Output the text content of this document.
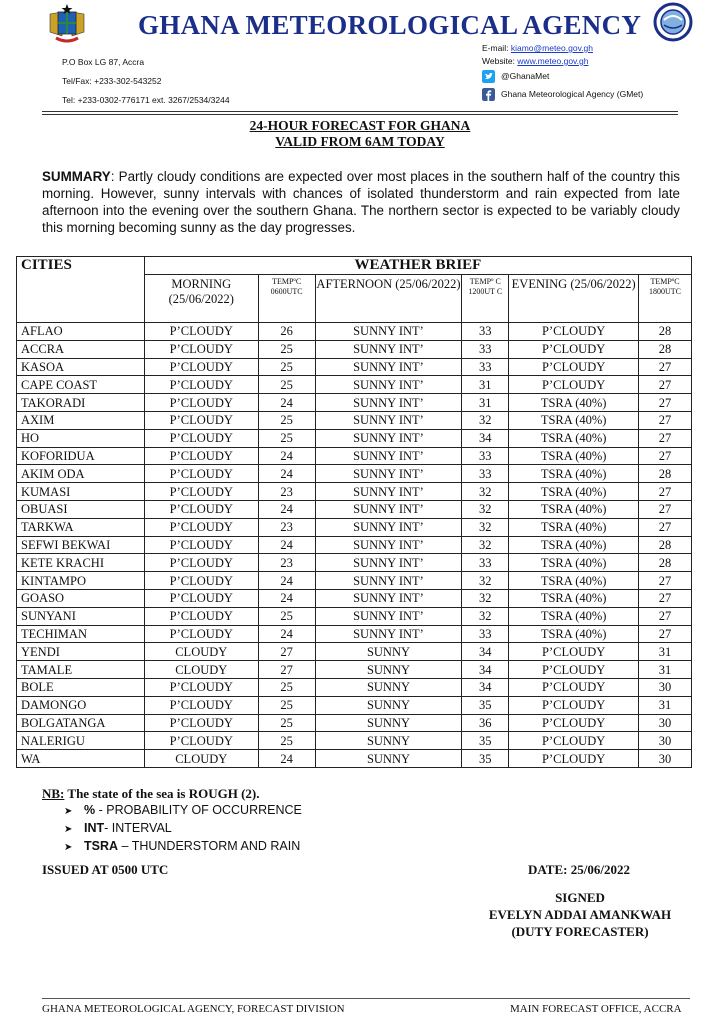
GHANA METEOROLOGICAL AGENCY
P.O Box LG 87, Accra
Tel/Fax: +233-302-543252
Tel: +233-0302-776171 ext. 3267/2534/3244
E-mail: kiamo@meteo.gov.gh
Website: www.meteo.gov.gh
@GhanaMet
Ghana Meteorological Agency (GMet)
24-HOUR FORECAST FOR GHANA
VALID FROM 6AM TODAY
SUMMARY: Partly cloudy conditions are expected over most places in the southern half of the country this morning. However, sunny intervals with chances of isolated thunderstorm and rain expected from late afternoon into the evening over the southern Ghana. The northern sector is expected to be variably cloudy this morning becoming sunny as the day progresses.
CITIES	WEATHER BRIEF					
	MORNING (25/06/2022)	TEMPºC 0600UTC	AFTERNOON (25/06/2022)	TEMPº C 1200UT C	EVENING (25/06/2022)	TEMPºC 1800UTC
AFLAO	P’CLOUDY	26	SUNNY INT’	33	P’CLOUDY	28
ACCRA	P’CLOUDY	25	SUNNY INT’	33	P’CLOUDY	28
KASOA	P’CLOUDY	25	SUNNY INT’	33	P’CLOUDY	27
CAPE COAST	P’CLOUDY	25	SUNNY INT’	31	P’CLOUDY	27
TAKORADI	P’CLOUDY	24	SUNNY INT’	31	TSRA (40%)	27
AXIM	P’CLOUDY	25	SUNNY INT’	32	TSRA (40%)	27
HO	P’CLOUDY	25	SUNNY INT’	34	TSRA (40%)	27
KOFORIDUA	P’CLOUDY	24	SUNNY INT’	33	TSRA (40%)	27
AKIM ODA	P’CLOUDY	24	SUNNY INT’	33	TSRA (40%)	28
KUMASI	P’CLOUDY	23	SUNNY INT’	32	TSRA (40%)	27
OBUASI	P’CLOUDY	24	SUNNY INT’	32	TSRA (40%)	27
TARKWA	P’CLOUDY	23	SUNNY INT’	32	TSRA (40%)	27
SEFWI BEKWAI	P’CLOUDY	24	SUNNY INT’	32	TSRA (40%)	28
KETE KRACHI	P’CLOUDY	23	SUNNY INT’	33	TSRA (40%)	28
KINTAMPO	P’CLOUDY	24	SUNNY INT’	32	TSRA (40%)	27
GOASO	P’CLOUDY	24	SUNNY INT’	32	TSRA (40%)	27
SUNYANI	P’CLOUDY	25	SUNNY INT’	32	TSRA (40%)	27
TECHIMAN	P’CLOUDY	24	SUNNY INT’	33	TSRA (40%)	27
YENDI	CLOUDY	27	SUNNY	34	P’CLOUDY	31
TAMALE	CLOUDY	27	SUNNY	34	P’CLOUDY	31
BOLE	P’CLOUDY	25	SUNNY	34	P’CLOUDY	30
DAMONGO	P’CLOUDY	25	SUNNY	35	P’CLOUDY	31
BOLGATANGA	P’CLOUDY	25	SUNNY	36	P’CLOUDY	30
NALERIGU	P’CLOUDY	25	SUNNY	35	P’CLOUDY	30
WA	CLOUDY	24	SUNNY	35	P’CLOUDY	30
NB: The state of the sea is ROUGH (2).
➤ % - PROBABILITY OF OCCURRENCE
➤ INT- INTERVAL
➤ TSRA – THUNDERSTORM AND RAIN
ISSUED AT 0500 UTC	DATE: 25/06/2022
SIGNED
EVELYN ADDAI AMANKWAH
(DUTY FORECASTER)
GHANA METEOROLOGICAL AGENCY, FORECAST DIVISION	MAIN FORECAST OFFICE, ACCRA
